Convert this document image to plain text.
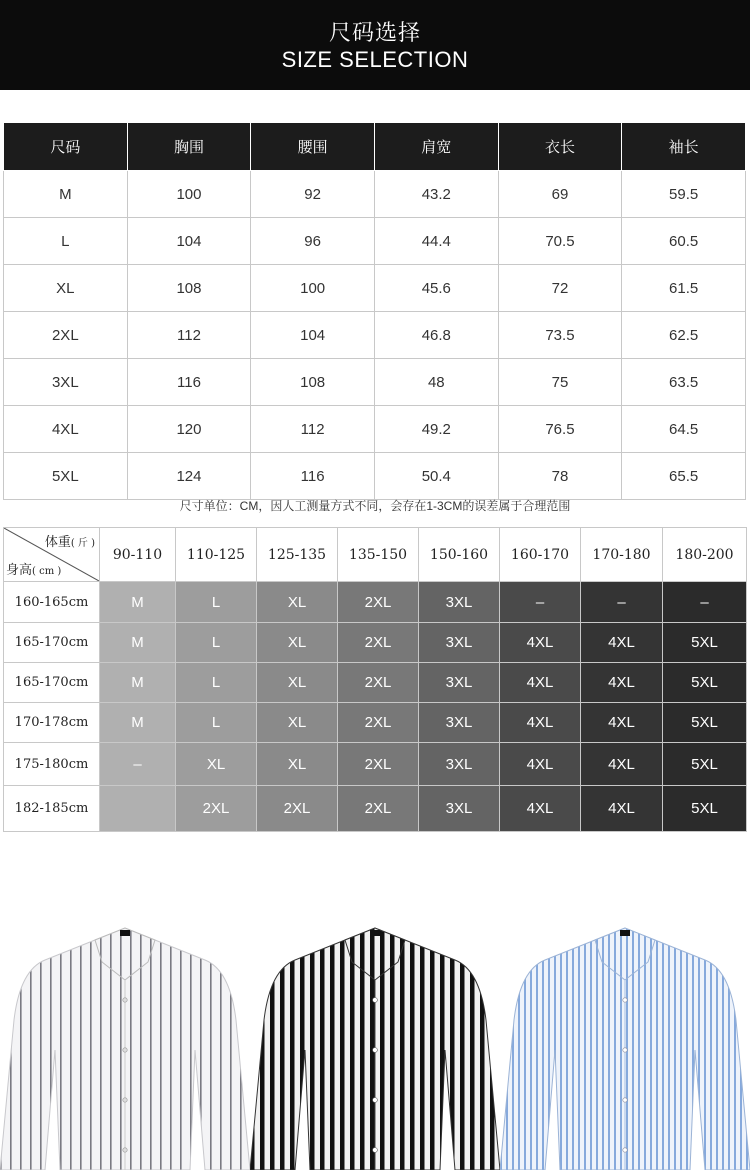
尺码选择
SIZE SELECTION
尺码	胸围	腰围	肩宽	衣长	袖长
M	100	92	43.2	69	59.5
L	104	96	44.4	70.5	60.5
XL	108	100	45.6	72	61.5
2XL	112	104	46.8	73.5	62.5
3XL	116	108	48	75	63.5
4XL	120	112	49.2	76.5	64.5
5XL	124	116	50.4	78	65.5
尺寸单位：CM，因人工测量方式不同，会存在1-3CM的误差属于合理范围
体重( 斤 )
身高( cm )	90-110	110-125	125-135	135-150	150-160	160-170	170-180	180-200
160-165cm	M	L	XL	2XL	3XL	–	–	–
165-170cm	M	L	XL	2XL	3XL	4XL	4XL	5XL
165-170cm	M	L	XL	2XL	3XL	4XL	4XL	5XL
170-178cm	M	L	XL	2XL	3XL	4XL	4XL	5XL
175-180cm	–	XL	XL	2XL	3XL	4XL	4XL	5XL
182-185cm		2XL	2XL	2XL	3XL	4XL	4XL	5XL
